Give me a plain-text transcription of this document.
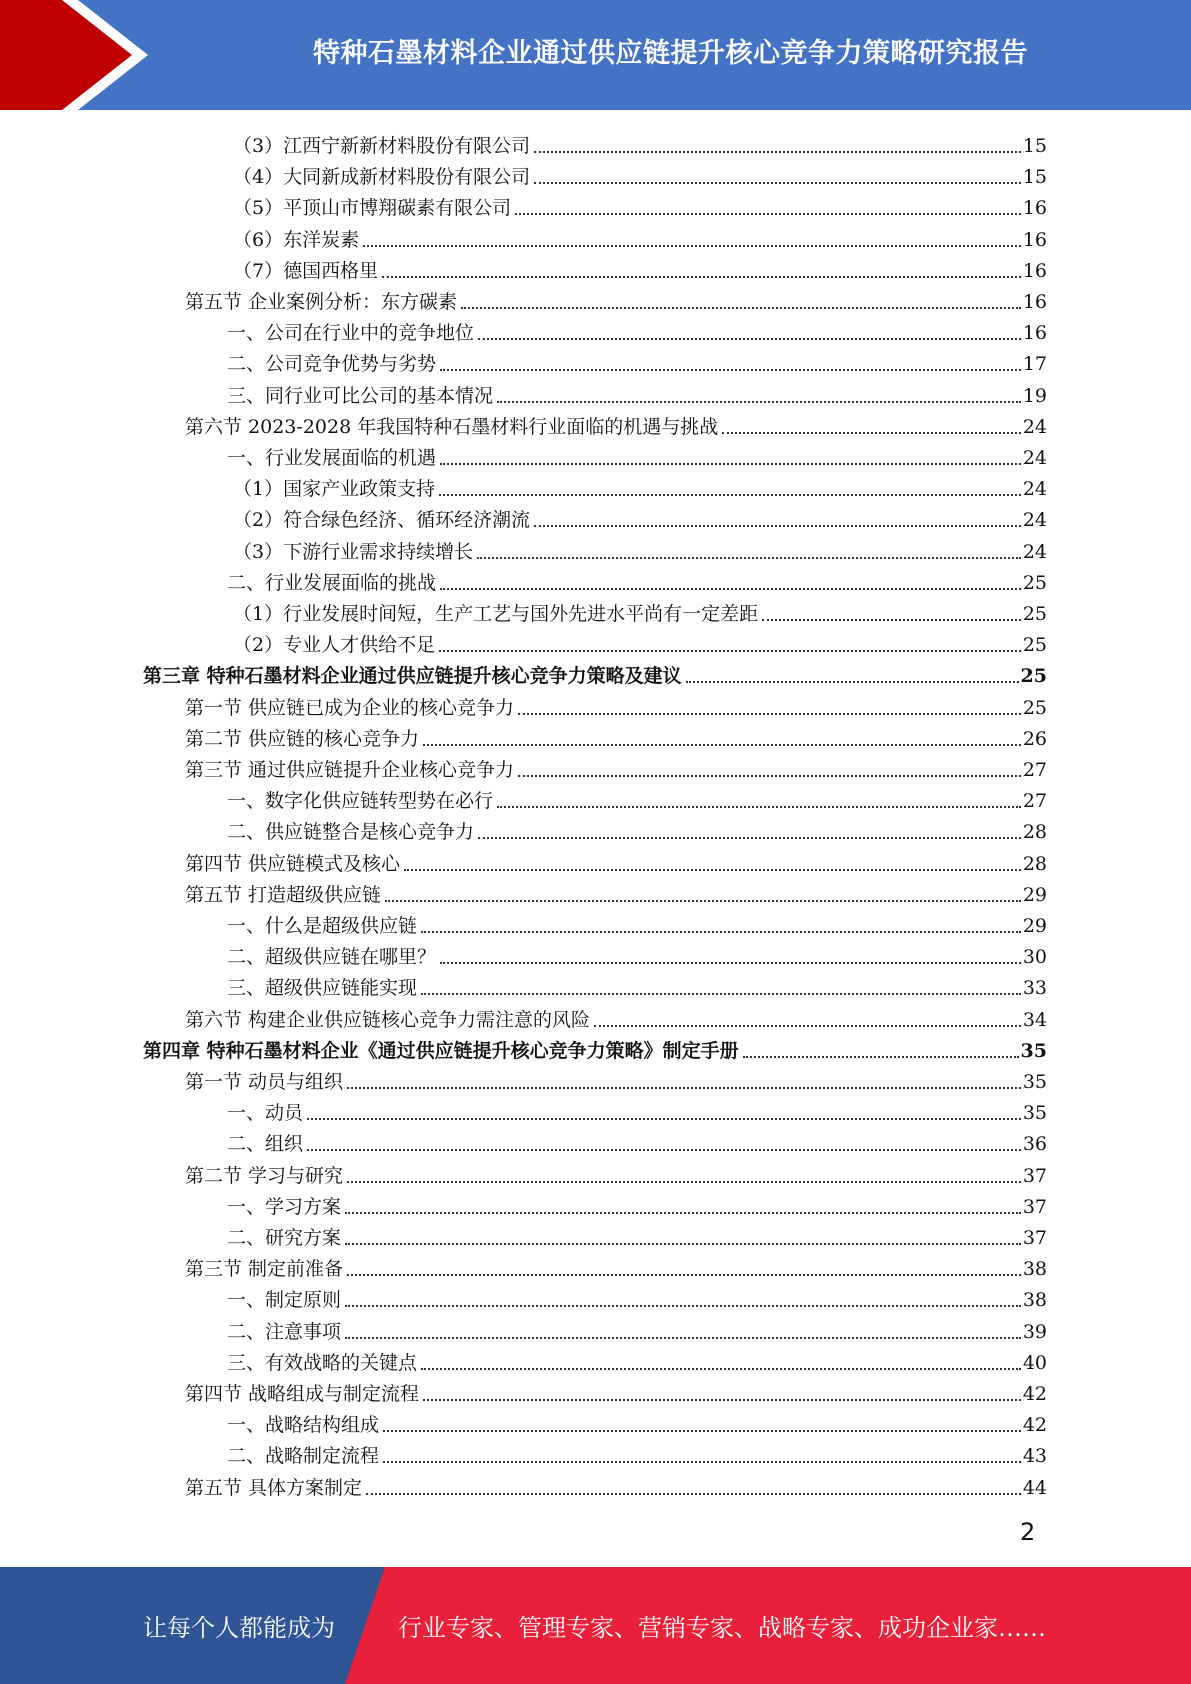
特种石墨材料企业通过供应链提升核心竞争力策略研究报告
（3）江西宁新新材料股份有限公司	15
（4）大同新成新材料股份有限公司	15
（5）平顶山市博翔碳素有限公司	16
（6）东洋炭素	16
（7）德国西格里	16
第五节 企业案例分析：东方碳素	16
一、公司在行业中的竞争地位	16
二、公司竞争优势与劣势	17
三、同行业可比公司的基本情况	19
第六节 2023-2028 年我国特种石墨材料行业面临的机遇与挑战	24
一、行业发展面临的机遇	24
（1）国家产业政策支持	24
（2）符合绿色经济、循环经济潮流	24
（3）下游行业需求持续增长	24
二、行业发展面临的挑战	25
（1）行业发展时间短，生产工艺与国外先进水平尚有一定差距	25
（2）专业人才供给不足	25
第三章 特种石墨材料企业通过供应链提升核心竞争力策略及建议	25
第一节 供应链已成为企业的核心竞争力	25
第二节 供应链的核心竞争力	26
第三节 通过供应链提升企业核心竞争力	27
一、数字化供应链转型势在必行	27
二、供应链整合是核心竞争力	28
第四节 供应链模式及核心	28
第五节 打造超级供应链	29
一、什么是超级供应链	29
二、超级供应链在哪里？	30
三、超级供应链能实现	33
第六节 构建企业供应链核心竞争力需注意的风险	34
第四章 特种石墨材料企业《通过供应链提升核心竞争力策略》制定手册	35
第一节 动员与组织	35
一、动员	35
二、组织	36
第二节 学习与研究	37
一、学习方案	37
二、研究方案	37
第三节 制定前准备	38
一、制定原则	38
二、注意事项	39
三、有效战略的关键点	40
第四节 战略组成与制定流程	42
一、战略结构组成	42
二、战略制定流程	43
第五节 具体方案制定	44
2
让每个人都能成为	行业专家、管理专家、营销专家、战略专家、成功企业家……
